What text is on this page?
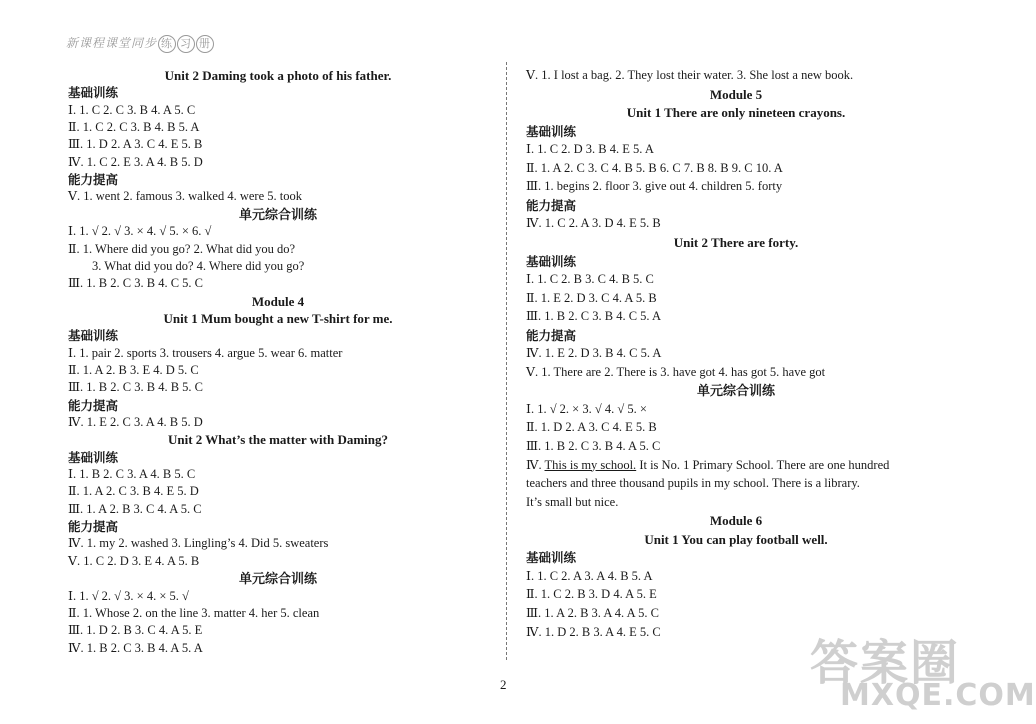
新课程课堂同步 练 习 册
Unit 2 Daming took a photo of his father.
基础训练
Ⅰ. 1. C 2. C 3. B 4. A 5. C
Ⅱ. 1. C 2. C 3. B 4. B 5. A
Ⅲ. 1. D 2. A 3. C 4. E 5. B
Ⅳ. 1. C 2. E 3. A 4. B 5. D
能力提高
Ⅴ. 1. went 2. famous 3. walked 4. were 5. took
单元综合训练
Ⅰ. 1. √ 2. √ 3. × 4. √ 5. × 6. √
Ⅱ. 1. Where did you go? 2. What did you do?
3. What did you do? 4. Where did you go?
Ⅲ. 1. B 2. C 3. B 4. C 5. C
Module 4
Unit 1 Mum bought a new T-shirt for me.
基础训练
Ⅰ. 1. pair 2. sports 3. trousers 4. argue 5. wear 6. matter
Ⅱ. 1. A 2. B 3. E 4. D 5. C
Ⅲ. 1. B 2. C 3. B 4. B 5. C
能力提高
Ⅳ. 1. E 2. C 3. A 4. B 5. D
Unit 2 What’s the matter with Daming?
基础训练
Ⅰ. 1. B 2. C 3. A 4. B 5. C
Ⅱ. 1. A 2. C 3. B 4. E 5. D
Ⅲ. 1. A 2. B 3. C 4. A 5. C
能力提高
Ⅳ. 1. my 2. washed 3. Lingling’s 4. Did 5. sweaters
Ⅴ. 1. C 2. D 3. E 4. A 5. B
单元综合训练
Ⅰ. 1. √ 2. √ 3. × 4. × 5. √
Ⅱ. 1. Whose 2. on the line 3. matter 4. her 5. clean
Ⅲ. 1. D 2. B 3. C 4. A 5. E
Ⅳ. 1. B 2. C 3. B 4. A 5. A
Ⅴ. 1. I lost a bag. 2. They lost their water. 3. She lost a new book.
Module 5
Unit 1 There are only nineteen crayons.
基础训练
Ⅰ. 1. C 2. D 3. B 4. E 5. A
Ⅱ. 1. A 2. C 3. C 4. B 5. B 6. C 7. B 8. B 9. C 10. A
Ⅲ. 1. begins 2. floor 3. give out 4. children 5. forty
能力提高
Ⅳ. 1. C 2. A 3. D 4. E 5. B
Unit 2 There are forty.
基础训练
Ⅰ. 1. C 2. B 3. C 4. B 5. C
Ⅱ. 1. E 2. D 3. C 4. A 5. B
Ⅲ. 1. B 2. C 3. B 4. C 5. A
能力提高
Ⅳ. 1. E 2. D 3. B 4. C 5. A
Ⅴ. 1. There are 2. There is 3. have got 4. has got 5. have got
单元综合训练
Ⅰ. 1. √ 2. × 3. √ 4. √ 5. ×
Ⅱ. 1. D 2. A 3. C 4. E 5. B
Ⅲ. 1. B 2. C 3. B 4. A 5. C
Ⅳ. This is my school. It is No. 1 Primary School. There are one hundred
teachers and three thousand pupils in my school. There is a library.
It’s small but nice.
Module 6
Unit 1 You can play football well.
基础训练
Ⅰ. 1. C 2. A 3. A 4. B 5. A
Ⅱ. 1. C 2. B 3. D 4. A 5. E
Ⅲ. 1. A 2. B 3. A 4. A 5. C
Ⅳ. 1. D 2. B 3. A 4. E 5. C
2	答案圈
MXQE.COM
